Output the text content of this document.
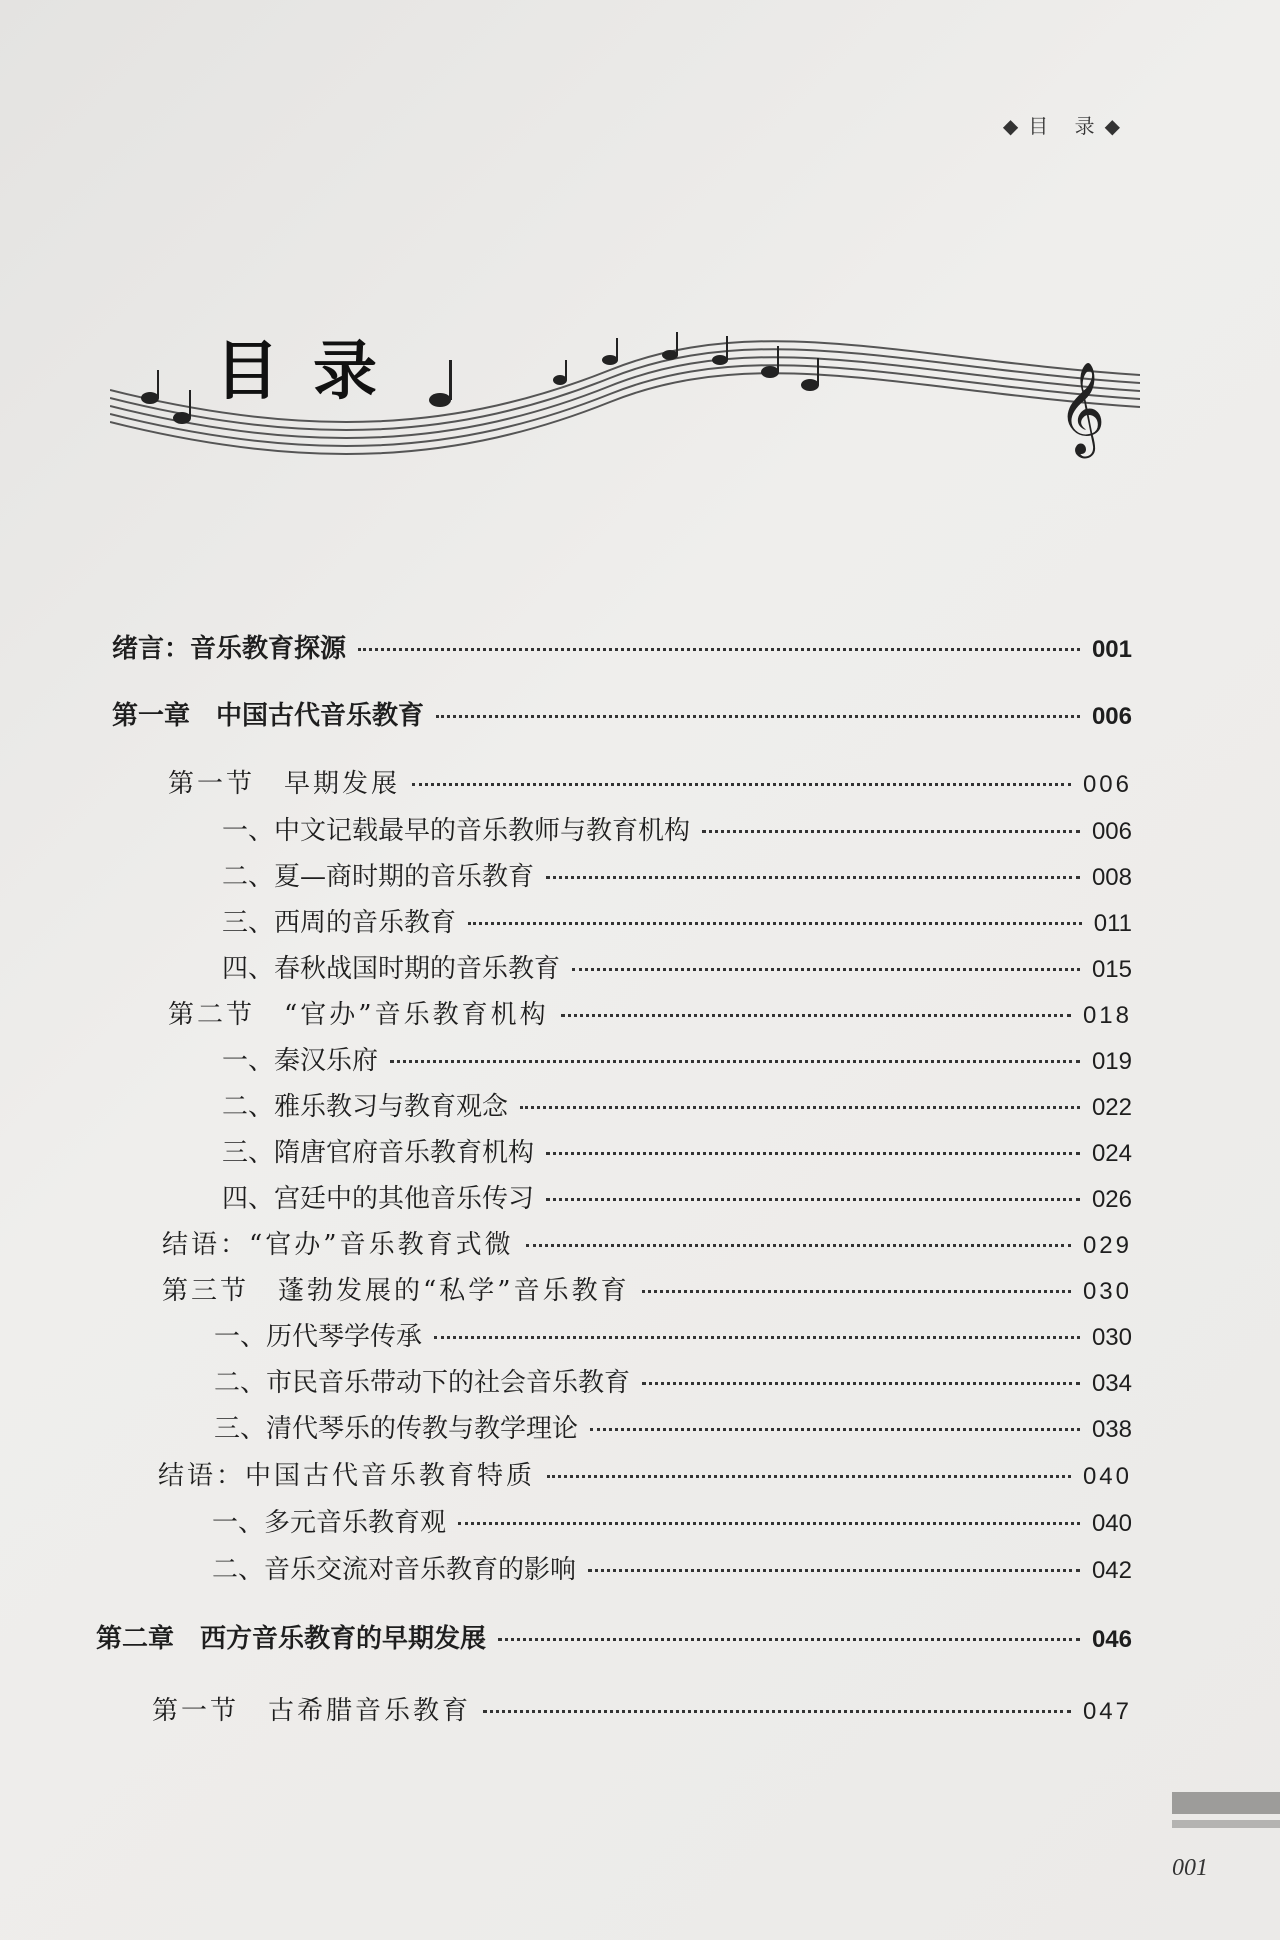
◆目 录◆
𝄞
目录
绪言：音乐教育探源	001
第一章　中国古代音乐教育	006
第一节　早期发展	006
一、中文记载最早的音乐教师与教育机构	006
二、夏—商时期的音乐教育	008
三、西周的音乐教育	011
四、春秋战国时期的音乐教育	015
第二节　“官办”音乐教育机构	018
一、秦汉乐府	019
二、雅乐教习与教育观念	022
三、隋唐官府音乐教育机构	024
四、宫廷中的其他音乐传习	026
结语：“官办”音乐教育式微	029
第三节　蓬勃发展的“私学”音乐教育	030
一、历代琴学传承	030
二、市民音乐带动下的社会音乐教育	034
三、清代琴乐的传教与教学理论	038
结语：中国古代音乐教育特质	040
一、多元音乐教育观	040
二、音乐交流对音乐教育的影响	042
第二章　西方音乐教育的早期发展	046
第一节　古希腊音乐教育	047
001
